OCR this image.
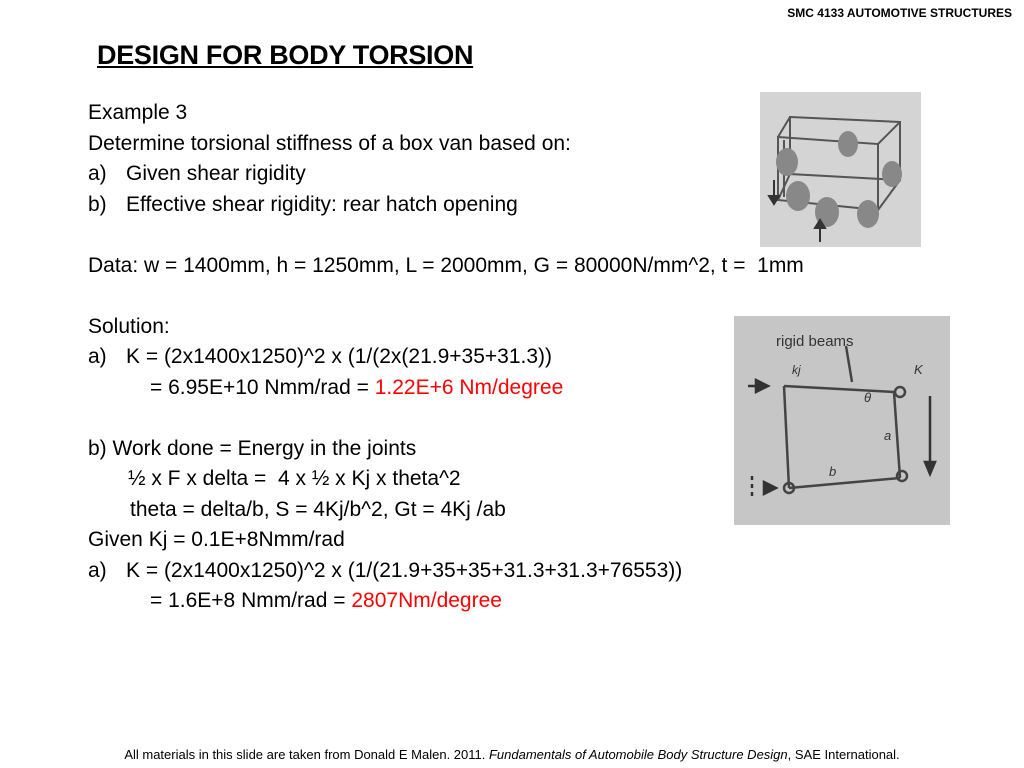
SMC 4133 AUTOMOTIVE STRUCTURES
DESIGN FOR BODY TORSION
Example 3
Determine torsional stiffness of a box van based on:
a) Given shear rigidity
b) Effective shear rigidity: rear hatch opening
Data: w = 1400mm, h = 1250mm, L = 2000mm, G = 80000N/mm^2, t =  1mm
Solution:
a) K = (2x1400x1250)^2 x (1/(2x(21.9+35+31.3))
= 6.95E+10 Nmm/rad = 1.22E+6 Nm/degree
b) Work done = Energy in the joints
½ x F x delta =  4 x ½ x Kj x theta^2
theta = delta/b, S = 4Kj/b^2, Gt = 4Kj /ab
Given Kj = 0.1E+8Nmm/rad
a) K = (2x1400x1250)^2 x (1/(21.9+35+35+31.3+31.3+76553))
= 1.6E+8 Nmm/rad = 2807Nm/degree
rigid beams
kj
θ
a
b
K
All materials in this slide are taken from Donald E Malen. 2011. Fundamentals of Automobile Body Structure Design, SAE International.
